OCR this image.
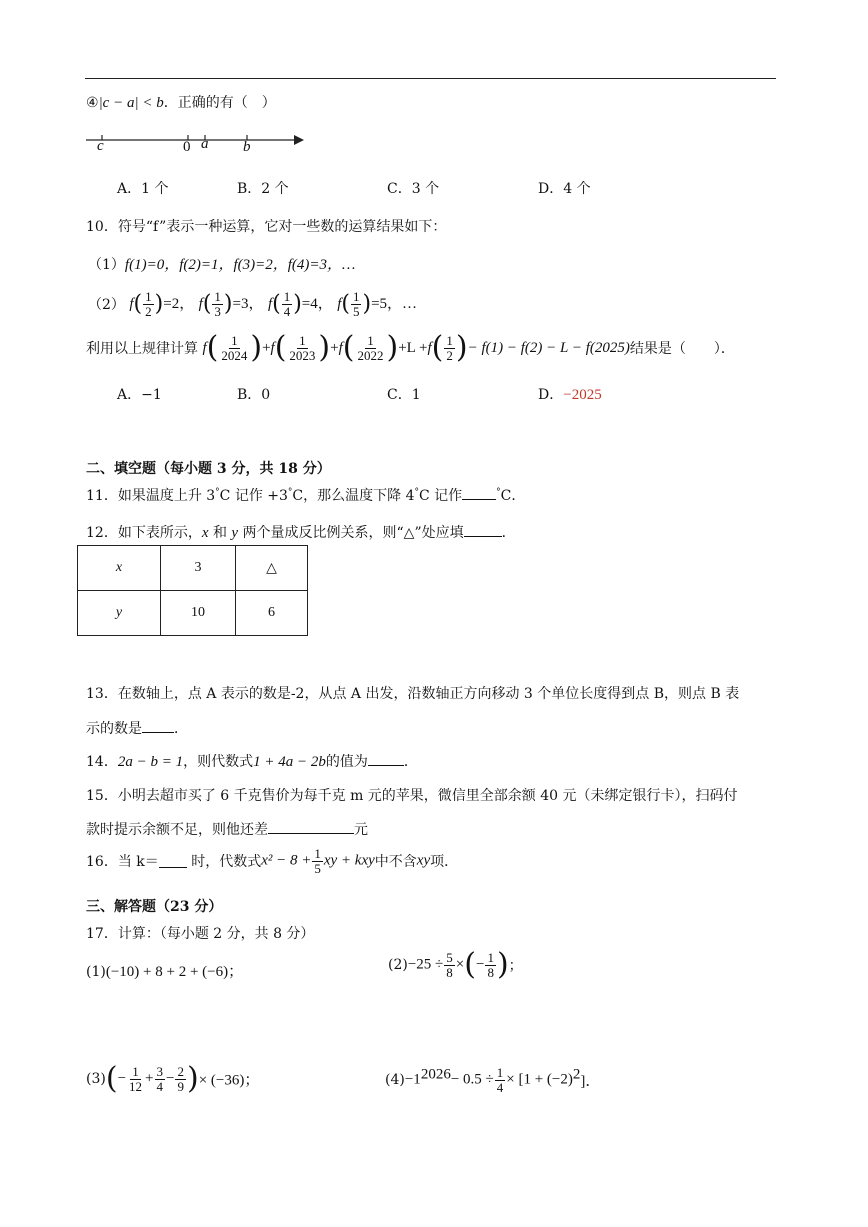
④|c − a| < b．正确的有（　）
c	0 a b
A．1 个	B．2 个	C．3 个	D．4 个
10．符号“f”表示一种运算，它对一些数的运算结果如下：
（1）f(1)=0，f(2)=1，f(3)=2，f(4)=3，…
（2） $f( \frac{1}{2} )=2$， $f( \frac{1}{3} )=3$， $f( \frac{1}{4} )=4$， $f( \frac{1}{5} )=5$，…
利用以上规律计算 $f( \frac{1}{2024} )+f( \frac{1}{2023} )+f( \frac{1}{2022} )+L +f( \frac{1}{2}$ )− f(1) − f(2) − L − f(2025)结果是（　　）．
A．−1	B．0	C．1	D．−2025
二、填空题（每小题 3 分，共 18 分）
11．如果温度上升 3°C 记作 +3°C，那么温度下降 4°C 记作	°C．
12．如下表所示，x 和 y 两个量成反比例关系，则“△”处应填	．
x	3	△
y	10	6
13．在数轴上，点 A 表示的数是-2，从点 A 出发，沿数轴正方向移动 3 个单位长度得到点 B，则点 B 表
示的数是 ．
14．2a − b = 1，则代数式1 + 4a − 2b的值为	．
15．小明去超市买了 6 千克售价为每千克 m 元的苹果，微信里全部余额 40 元（未绑定银行卡），扫码付
款时提示余额不足，则他还差	元
16．当 k＝ 时，代数式$x^2 - 8 + \frac{1}{5}$ xy + kxy中不含xy项．
三、解答题（23 分）
17．计算：（每小题 2 分，共 8 分）
(1)(−10) + 8 + 2 + (−6)；	$(2)-25 \div \frac{5}{8}$ ×(− $\frac{1}{8}$ )；
$(3)(- \frac{1}{12} + \frac{3}{4} - \frac{2}{9}$ )× (−36)；	$(4)-1^{2026}- 0.5 \div \frac{1}{4} \times [1 + (-2)^2]$．
